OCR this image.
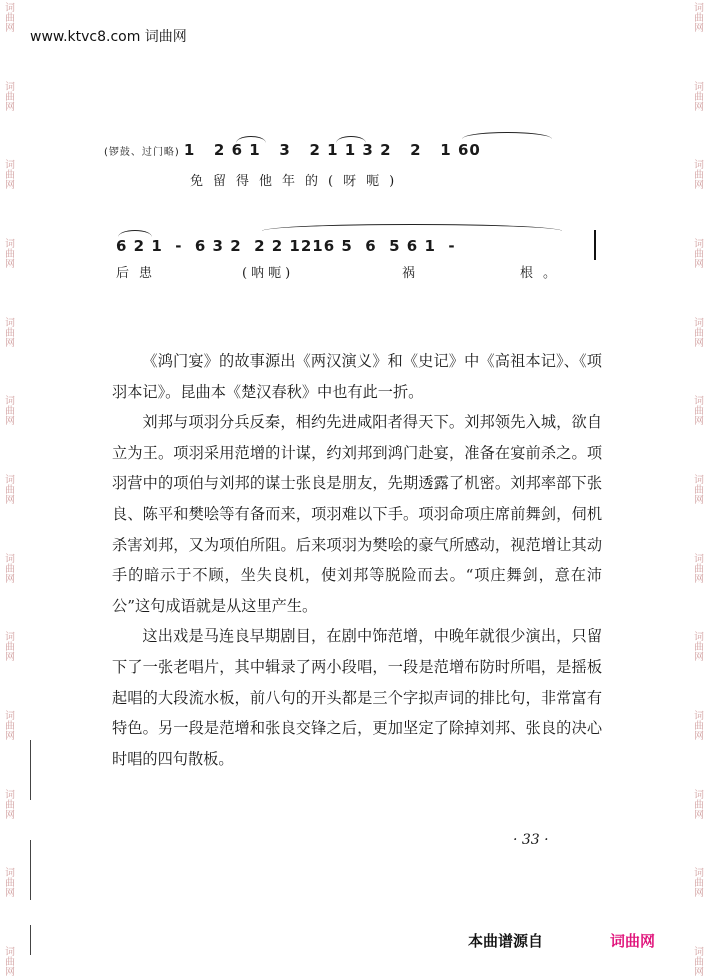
词曲网
词曲网
词曲网
词曲网
词曲网
词曲网
词曲网
词曲网
词曲网
词曲网
词曲网
词曲网
词曲网
词曲网
词曲网
词曲网
词曲网
词曲网
词曲网
词曲网
词曲网
词曲网
词曲网
词曲网
词曲网
词曲网
www.ktvc8.com 词曲网
(锣鼓、过门略) 1   2 6 1   3   2 1 1 3 2   2   1 60
免留得他年的(呀呃)
6 2 1  -  6 3 2  2 2 1216 5  6  5 6 1  -
后患	(呐呃)	祸	根。

《鸿门宴》的故事源出《两汉演义》和《史记》中《高祖本记》、《项羽本记》。昆曲本《楚汉春秋》中也有此一折。

刘邦与项羽分兵反秦，相约先进咸阳者得天下。刘邦领先入城，欲自立为王。项羽采用范增的计谋，约刘邦到鸿门赴宴，准备在宴前杀之。项羽营中的项伯与刘邦的谋士张良是朋友，先期透露了机密。刘邦率部下张良、陈平和樊哙等有备而来，项羽难以下手。项羽命项庄席前舞剑，伺机杀害刘邦，又为项伯所阻。后来项羽为樊哙的豪气所感动，视范增让其动手的暗示于不顾，坐失良机，使刘邦等脱险而去。“项庄舞剑，意在沛公”这句成语就是从这里产生。

这出戏是马连良早期剧目，在剧中饰范增，中晚年就很少演出，只留下了一张老唱片，其中辑录了两小段唱，一段是范增布防时所唱，是摇板起唱的大段流水板，前八句的开头都是三个字拟声词的排比句，非常富有特色。另一段是范增和张良交锋之后，更加坚定了除掉刘邦、张良的决心时唱的四句散板。

· 33 ·
本曲谱源自	词曲网
